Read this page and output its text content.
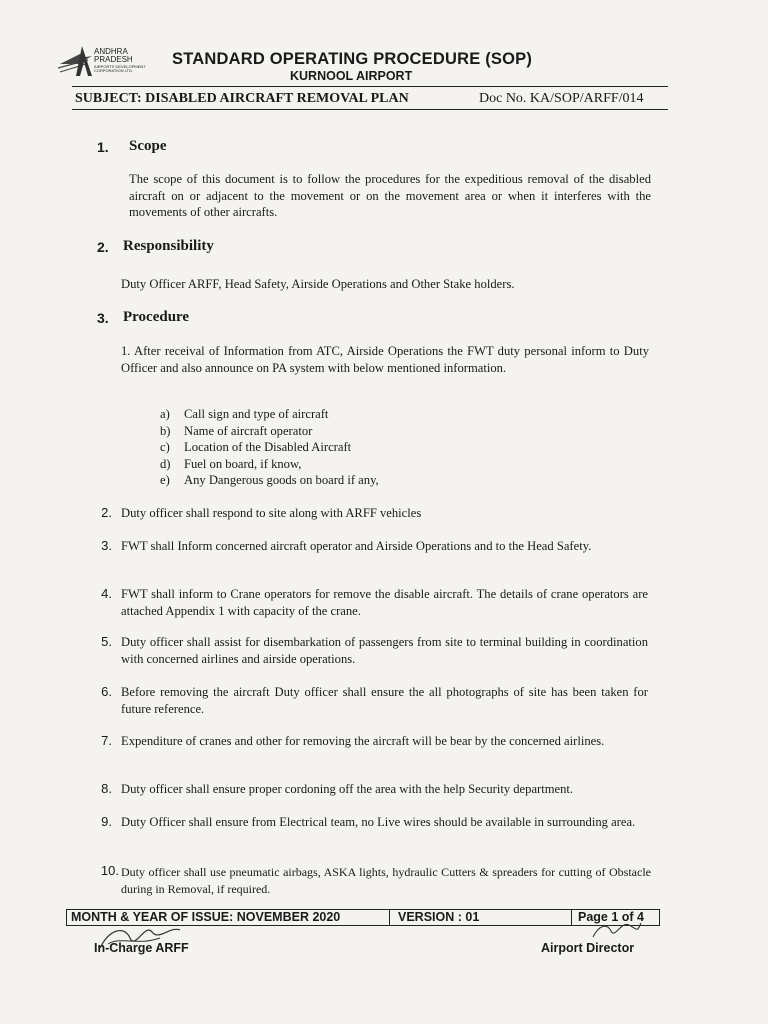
ANDHRA
PRADESH
AIRPORTS DEVELOPMENT
CORPORATION LTD.
STANDARD OPERATING PROCEDURE (SOP)
KURNOOL AIRPORT
SUBJECT: DISABLED AIRCRAFT REMOVAL PLAN	Doc No. KA/SOP/ARFF/014
1. Scope
The scope of this document is to follow the procedures for the expeditious removal of the disabled aircraft on or adjacent to the movement or on the movement area or when it interferes with the movements of other aircrafts.
2. Responsibility
Duty Officer ARFF, Head Safety, Airside Operations and Other Stake holders.
3. Procedure
1. After receival of Information from ATC, Airside Operations the FWT duty personal inform to Duty Officer and also announce on PA system with below mentioned information.
a) Call sign and type of aircraft
b) Name of aircraft operator
c) Location of the Disabled Aircraft
d) Fuel on board, if know,
e) Any Dangerous goods on board if any,
2. Duty officer shall respond to site along with ARFF vehicles
3. FWT shall Inform concerned aircraft operator and Airside Operations and to the Head Safety.
4. FWT shall inform to Crane operators for remove the disable aircraft. The details of crane operators are attached Appendix 1 with capacity of the crane.
5. Duty officer shall assist for disembarkation of passengers from site to terminal building in coordination with concerned airlines and airside operations.
6. Before removing the aircraft Duty officer shall ensure the all photographs of site has been taken for future reference.
7. Expenditure of cranes and other for removing the aircraft will be bear by the concerned airlines.
8. Duty officer shall ensure proper cordoning off the area with the help Security department.
9. Duty Officer shall ensure from Electrical team, no Live wires should be available in surrounding area.
10. Duty officer shall use pneumatic airbags, ASKA lights, hydraulic Cutters & spreaders for cutting of Obstacle during in Removal, if required.
MONTH & YEAR OF ISSUE: NOVEMBER 2020	VERSION : 01	Page 1 of 4
In-Charge ARFF	Airport Director
